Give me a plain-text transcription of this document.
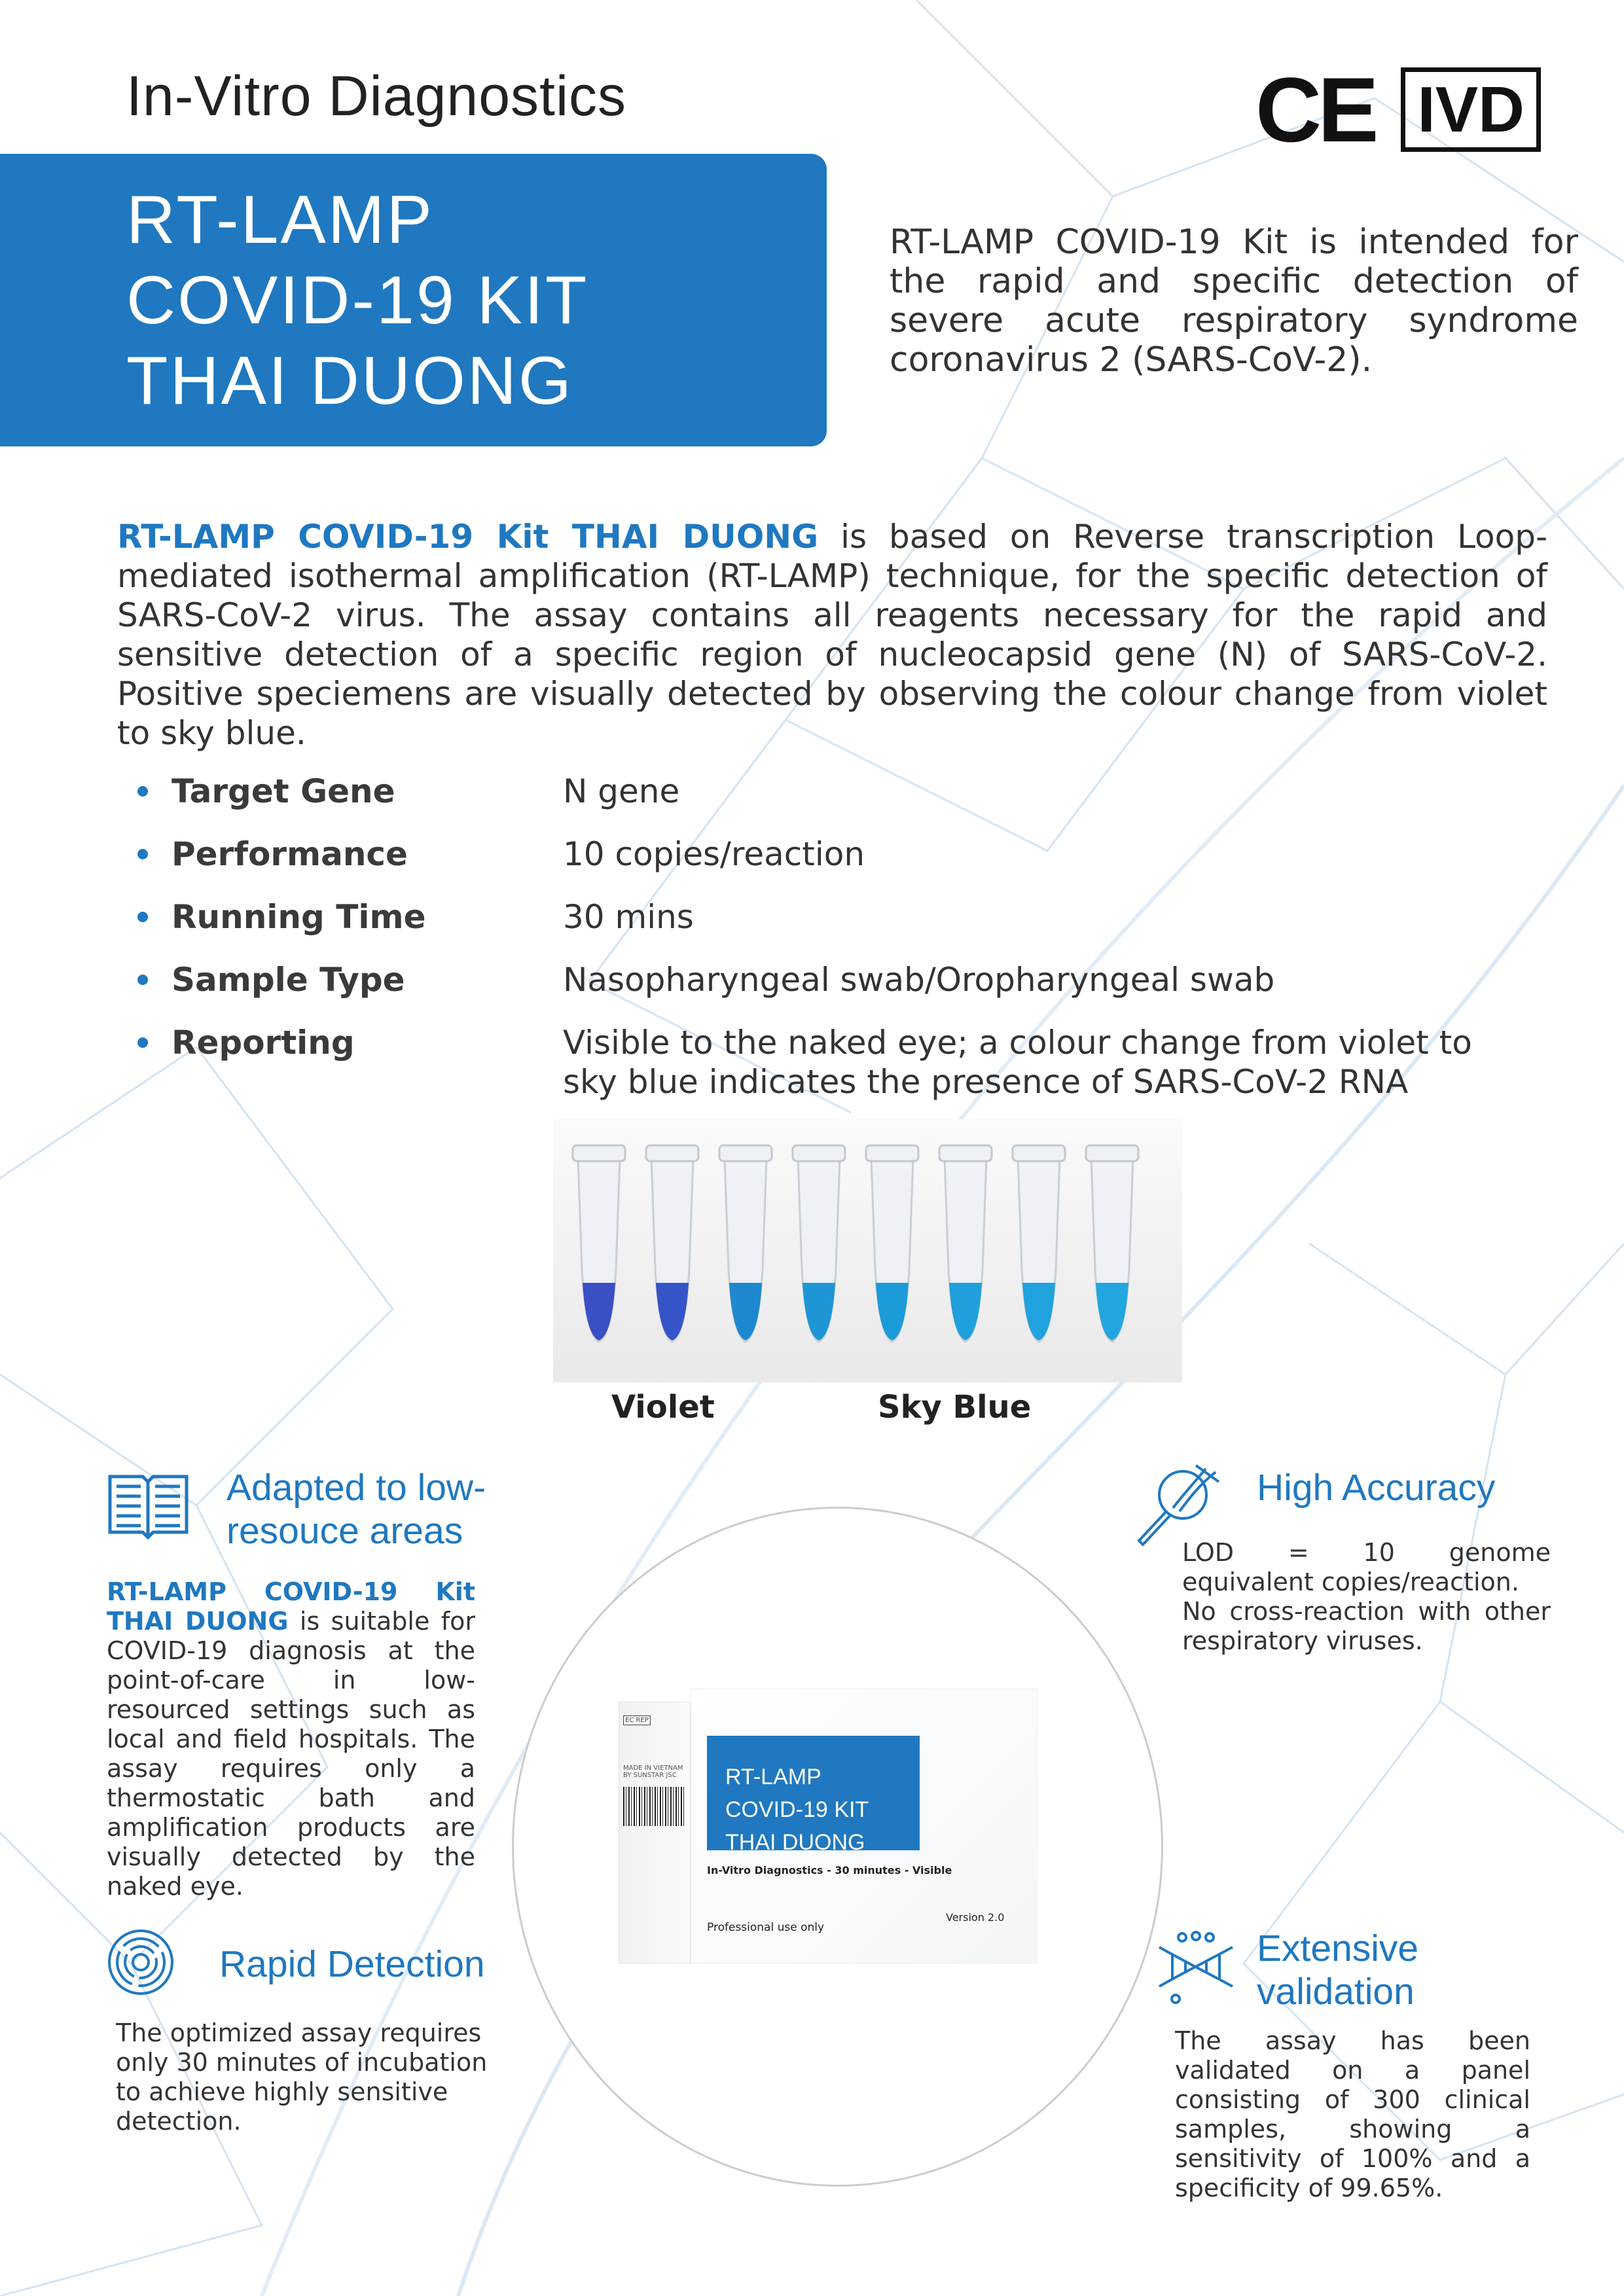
In-Vitro Diagnostics	CE IVD
RT-LAMP
COVID-19 KIT
THAI DUONG
RT-LAMP COVID-19 Kit is intended for the rapid and specific detection of severe acute respiratory syndrome coronavirus 2 (SARS-CoV-2).
RT-LAMP COVID-19 Kit THAI DUONG is based on Reverse transcription Loop-mediated isothermal amplification (RT-LAMP) technique, for the specific detection of SARS-CoV-2 virus. The assay contains all reagents necessary for the rapid and sensitive detection of a specific region of nucleocapsid gene (N) of SARS-CoV-2. Positive speciemens are visually detected by observing the colour change from violet to sky blue.
Target Gene	N gene
Performance	10 copies/reaction
Running Time	30 mins
Sample Type	Nasopharyngeal swab/Oropharyngeal swab
Reporting	Visible to the naked eye; a colour change from violet to sky blue indicates the presence of SARS-CoV-2 RNA
Violet	Sky Blue
EC REP
MADE IN VIETNAM
BY SUNSTAR JSC	RT-LAMP COVID-19 KIT
THAI DUONG
In-Vitro Diagnostics - 30 minutes - Visible
Professional use only
Version 2.0
Adapted to low-resouce areas
RT-LAMP COVID-19 Kit THAI DUONG is suitable for COVID-19 diagnosis at the point-of-care in low-resourced settings such as local and field hospitals. The assay requires only a thermostatic bath and amplification products are visually detected by the naked eye.
Rapid Detection
The optimized assay requires only 30 minutes of incubation to achieve highly sensitive detection.
High Accuracy
LOD = 10 genome equivalent copies/reaction.
No cross-reaction with other respiratory viruses.
Extensive validation
The assay has been validated on a panel consisting of 300 clinical samples, showing a sensitivity of 100% and a specificity of 99.65%.
